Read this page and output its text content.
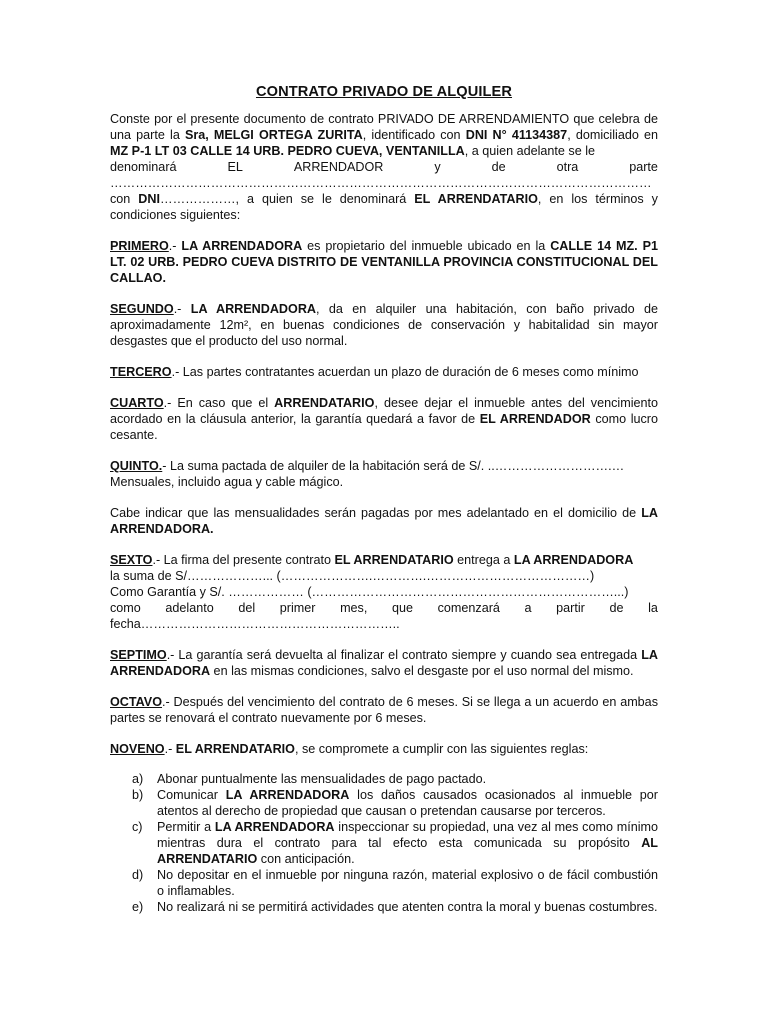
CONTRATO PRIVADO DE ALQUILER

Conste por el presente documento de contrato PRIVADO DE ARRENDAMIENTO que celebra de una parte la Sra, MELGI ORTEGA ZURITA, identificado con DNI N° 41134387, domiciliado en MZ P-1 LT 03 CALLE 14 URB. PEDRO CUEVA, VENTANILLA, a quien adelante se le

denominará	EL	ARRENDADOR	y	de	otra	parte
…………………………………………………………………………………………………………………

con DNI………………, a quien se le denominará EL ARRENDATARIO, en los términos y condiciones siguientes:

PRIMERO.- LA ARRENDADORA es propietario del inmueble ubicado en la CALLE 14 MZ. P1 LT. 02 URB. PEDRO CUEVA DISTRITO DE VENTANILLA PROVINCIA CONSTITUCIONAL DEL CALLAO.

SEGUNDO.- LA ARRENDADORA, da en alquiler una habitación, con baño privado de aproximadamente 12m², en buenas condiciones de conservación y habitalidad sin mayor desgastes que el producto del uso normal.

TERCERO.- Las partes contratantes acuerdan un plazo de duración de 6 meses como mínimo

CUARTO.- En caso que el ARRENDATARIO, desee dejar el inmueble antes del vencimiento acordado en la cláusula anterior, la garantía quedará a favor de EL ARRENDADOR como lucro cesante.

QUINTO.- La suma pactada de alquiler de la habitación será de S/. ..……………………….…
Mensuales, incluido agua y cable mágico.

Cabe indicar que las mensualidades serán pagadas por mes adelantado en el domicilio de LA ARRENDADORA.

SEXTO.- La firma del presente contrato EL ARRENDATARIO entrega a LA ARRENDADORA
la suma de S/………………... (………………….………….…………………………………)
Como Garantía y S/. ……………… (………………………………………………………………...)
como adelanto del primer mes, que comenzará a partir de la
fecha……………………………………………………..

SEPTIMO.- La garantía será devuelta al finalizar el contrato siempre y cuando sea entregada LA ARRENDADORA en las mismas condiciones, salvo el desgaste por el uso normal del mismo.

OCTAVO.- Después del vencimiento del contrato de 6 meses. Si se llega a un acuerdo en ambas partes se renovará el contrato nuevamente por 6 meses.

NOVENO.- EL ARRENDATARIO, se compromete a cumplir con las siguientes reglas:

a) Abonar puntualmente las mensualidades de pago pactado.
b) Comunicar LA ARRENDADORA los daños causados ocasionados al inmueble por atentos al derecho de propiedad que causan o pretendan causarse por terceros.
c) Permitir a LA ARRENDADORA inspeccionar su propiedad, una vez al mes como mínimo mientras dura el contrato para tal efecto esta comunicada su propósito AL ARRENDATARIO con anticipación.
d) No depositar en el inmueble por ninguna razón, material explosivo o de fácil combustión o inflamables.
e) No realizará ni se permitirá actividades que atenten contra la moral y buenas costumbres.
